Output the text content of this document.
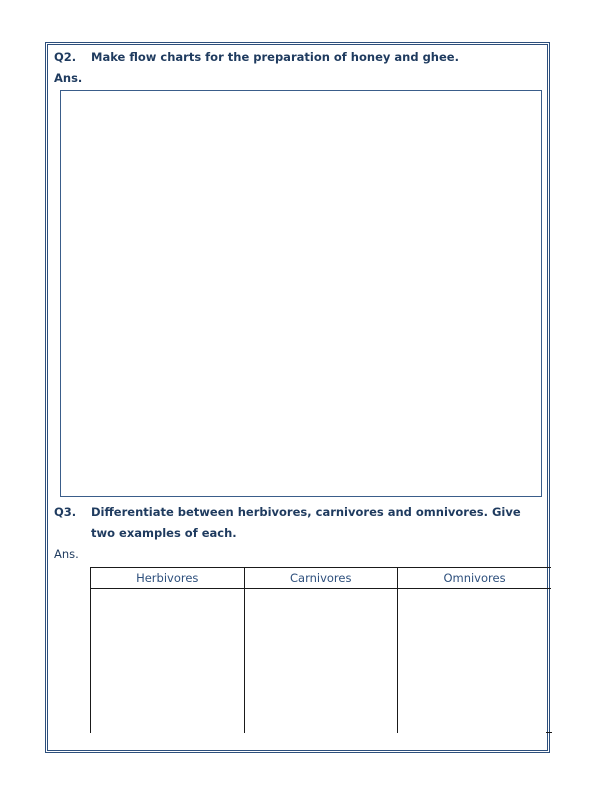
Q2. Make flow charts for the preparation of honey and ghee.
Ans.
Q3. Differentiate between herbivores, carnivores and omnivores. Give two examples of each.
Ans.
Herbivores	Carnivores	Omnivores
